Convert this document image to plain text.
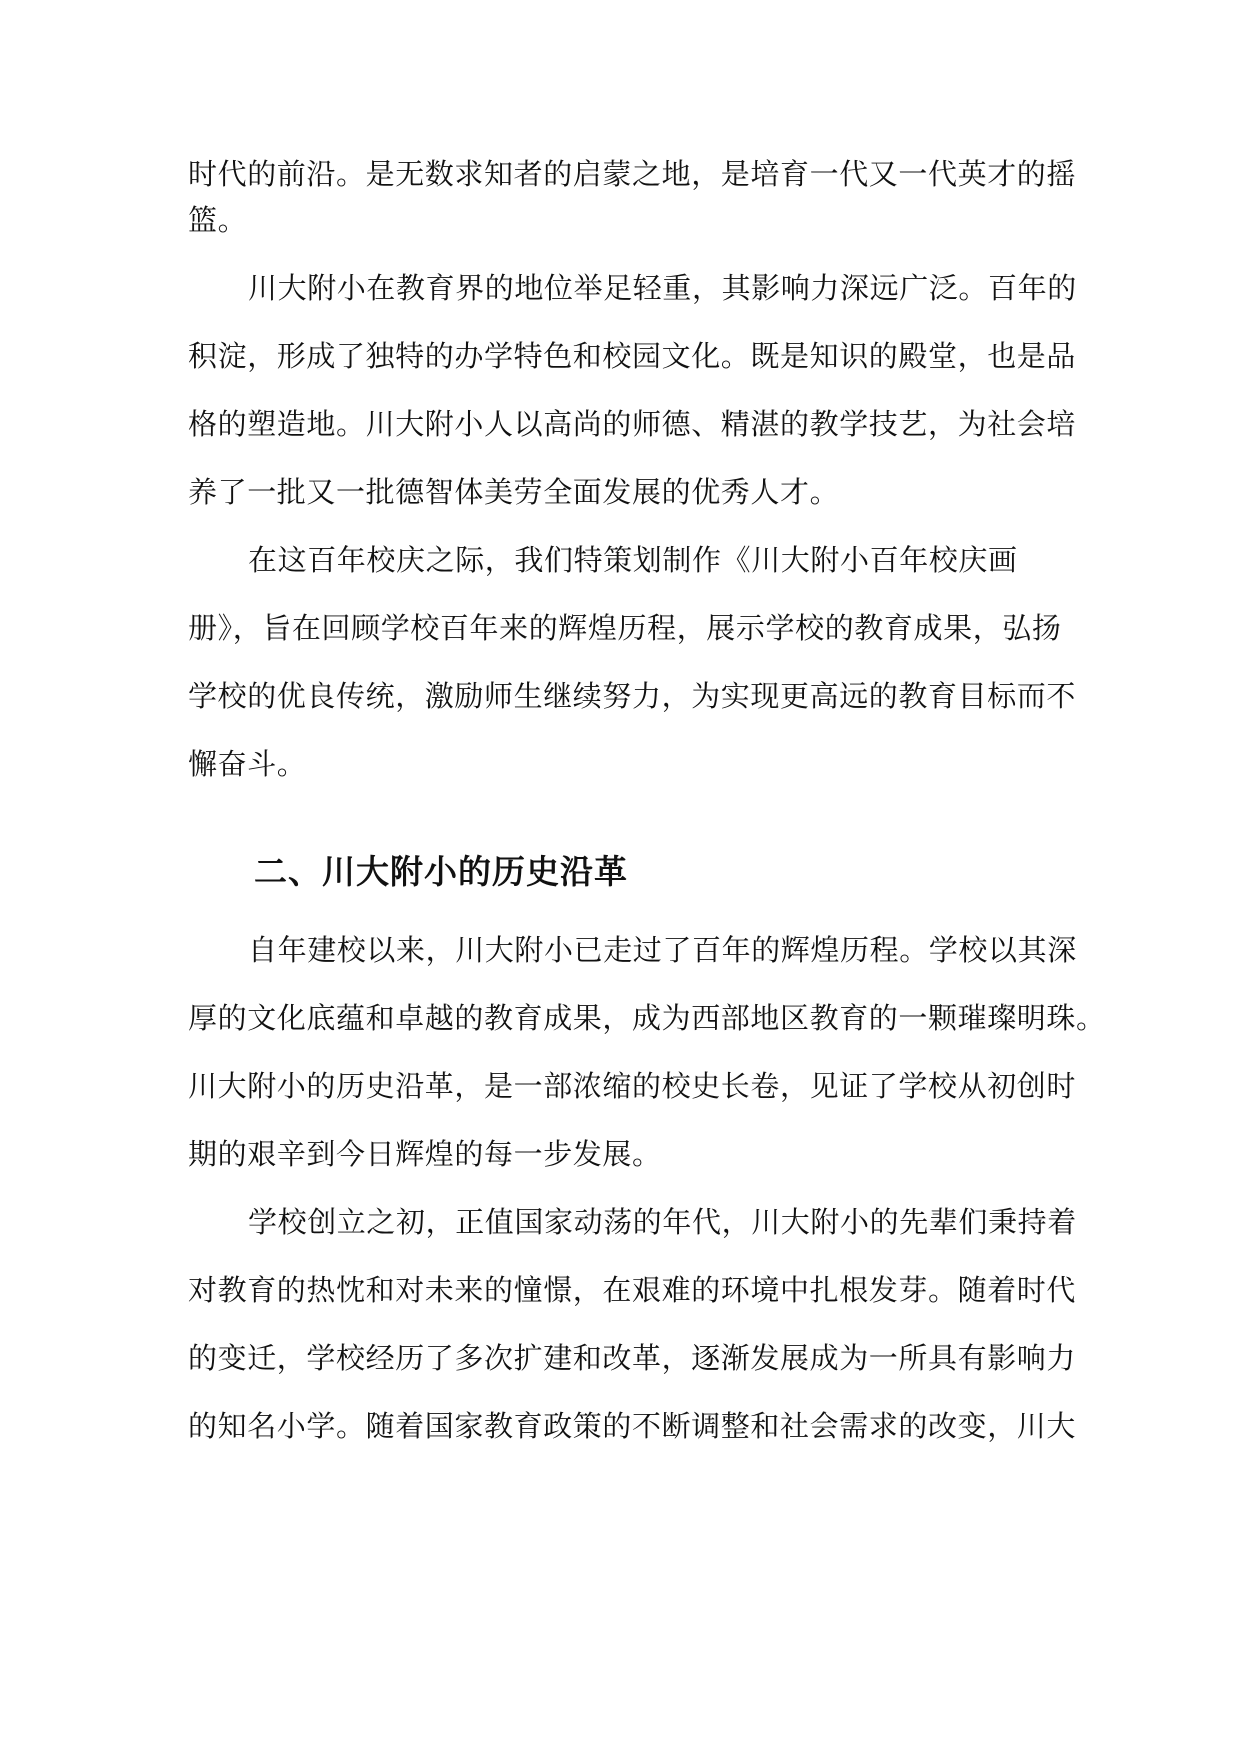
时代的前沿。是无数求知者的启蒙之地，是培育一代又一代英才的摇
篮。
川大附小在教育界的地位举足轻重，其影响力深远广泛。百年的
积淀，形成了独特的办学特色和校园文化。既是知识的殿堂，也是品
格的塑造地。川大附小人以高尚的师德、精湛的教学技艺，为社会培
养了一批又一批德智体美劳全面发展的优秀人才。
在这百年校庆之际，我们特策划制作《川大附小百年校庆画
册》，旨在回顾学校百年来的辉煌历程，展示学校的教育成果，弘扬
学校的优良传统，激励师生继续努力，为实现更高远的教育目标而不
懈奋斗。
二、川大附小的历史沿革
自年建校以来，川大附小已走过了百年的辉煌历程。学校以其深
厚的文化底蕴和卓越的教育成果，成为西部地区教育的一颗璀璨明珠。
川大附小的历史沿革，是一部浓缩的校史长卷，见证了学校从初创时
期的艰辛到今日辉煌的每一步发展。
学校创立之初，正值国家动荡的年代，川大附小的先辈们秉持着
对教育的热忱和对未来的憧憬，在艰难的环境中扎根发芽。随着时代
的变迁，学校经历了多次扩建和改革，逐渐发展成为一所具有影响力
的知名小学。随着国家教育政策的不断调整和社会需求的改变，川大
